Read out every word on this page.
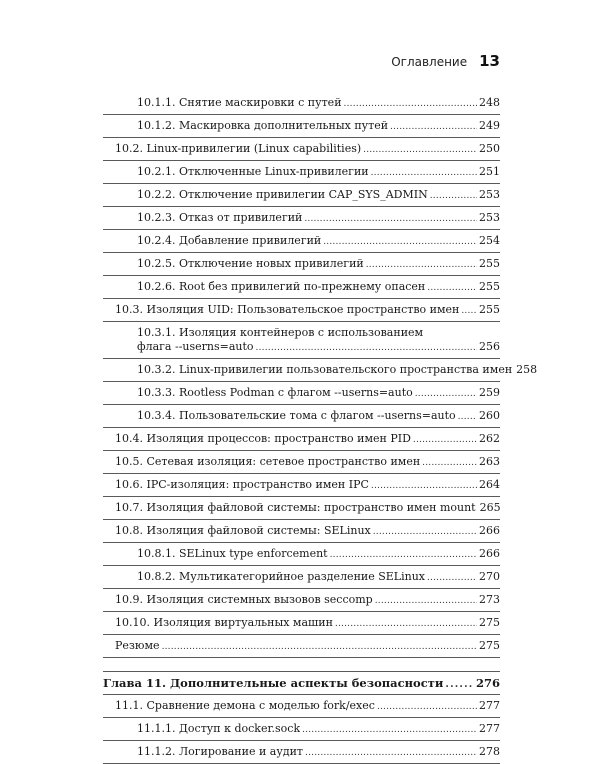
Оглавление 13
10.1.1. Снятие маскировки с путей .....	248
10.1.2. Маскировка дополнительных путей .....	249
10.2. Linux-привилегии (Linux capabilities) .....	250
10.2.1. Отключенные Linux-привилегии .....	251
10.2.2. Отключение привилегии CAP_SYS_ADMIN .....	253
10.2.3. Отказ от привилегий .....	253
10.2.4. Добавление привилегий .....	254
10.2.5. Отключение новых привилегий .....	255
10.2.6. Root без привилегий по-прежнему опасен .....	255
10.3. Изоляция UID: Пользовательское пространство имен ..... 255
10.3.1. Изоляция контейнеров с использованием
флага --userns=auto .....	256
10.3.2. Linux-привилегии пользовательского пространства имен 258
10.3.3. Rootless Podman с флагом --userns=auto .....	259
10.3.4. Пользовательские тома с флагом --userns=auto ..... 260
10.4. Изоляция процессов: пространство имен PID .....	262
10.5. Сетевая изоляция: сетевое пространство имен .....	263
10.6. IPC-изоляция: пространство имен IPC .....	264
10.7. Изоляция файловой системы: пространство имен mount 265
10.8. Изоляция файловой системы: SELinux .....	266
10.8.1. SELinux type enforcement .....	266
10.8.2. Мультикатегорийное разделение SELinux .....	270
10.9. Изоляция системных вызовов seccomp .....	273
10.10. Изоляция виртуальных машин .....	275
Резюме .....	275
Глава 11. Дополнительные аспекты безопасности .....	276
11.1. Сравнение демона с моделью fork/exec .....	277
11.1.1. Доступ к docker.sock .....	277
11.1.2. Логирование и аудит .....	278
